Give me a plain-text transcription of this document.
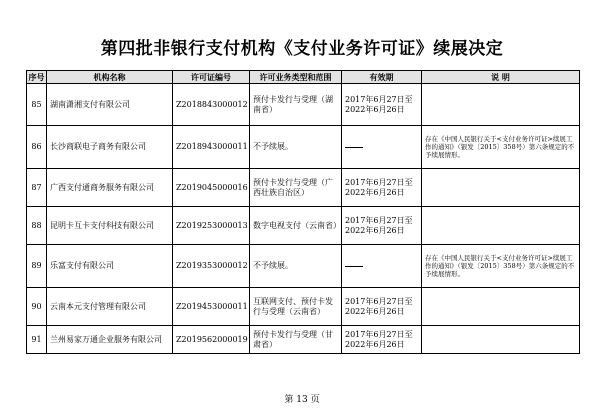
第四批非银行支付机构《支付业务许可证》续展决定
序号	机构名称	许可证编号	许可业务类型和范围	有效期	说 明
85	湖南潇湘支付有限公司	Z2018843000012	预付卡发行与受理（湖南省）	2017年6月27日至2022年6月26日	
86	长沙商联电子商务有限公司	Z2018943000011	不予续展。		存在《中国人民银行关于<支付业务许可证>续展工作的通知》（银发〔2015〕358号）第六条规定的不予续展情形。

87	广西支付通商务服务有限公司	Z2019045000016	预付卡发行与受理（广西壮族自治区）	2017年6月27日至2022年6月26日	
88	昆明卡互卡支付科技有限公司	Z2019253000013	数字电视支付（云南省）	2017年6月27日至2022年6月26日	
89	乐富支付有限公司	Z2019353000012	不予续展。		存在《中国人民银行关于<支付业务许可证>续展工作的通知》（银发〔2015〕358号）第六条规定的不予续展情形。

90	云南本元支付管理有限公司	Z2019453000011	互联网支付、预付卡发行与受理（云南省）	2017年6月27日至2022年6月26日	
91	兰州易家万通企业服务有限公司	Z2019562000019	预付卡发行与受理（甘肃省）	2017年6月27日至2022年6月26日	
第 13 页
